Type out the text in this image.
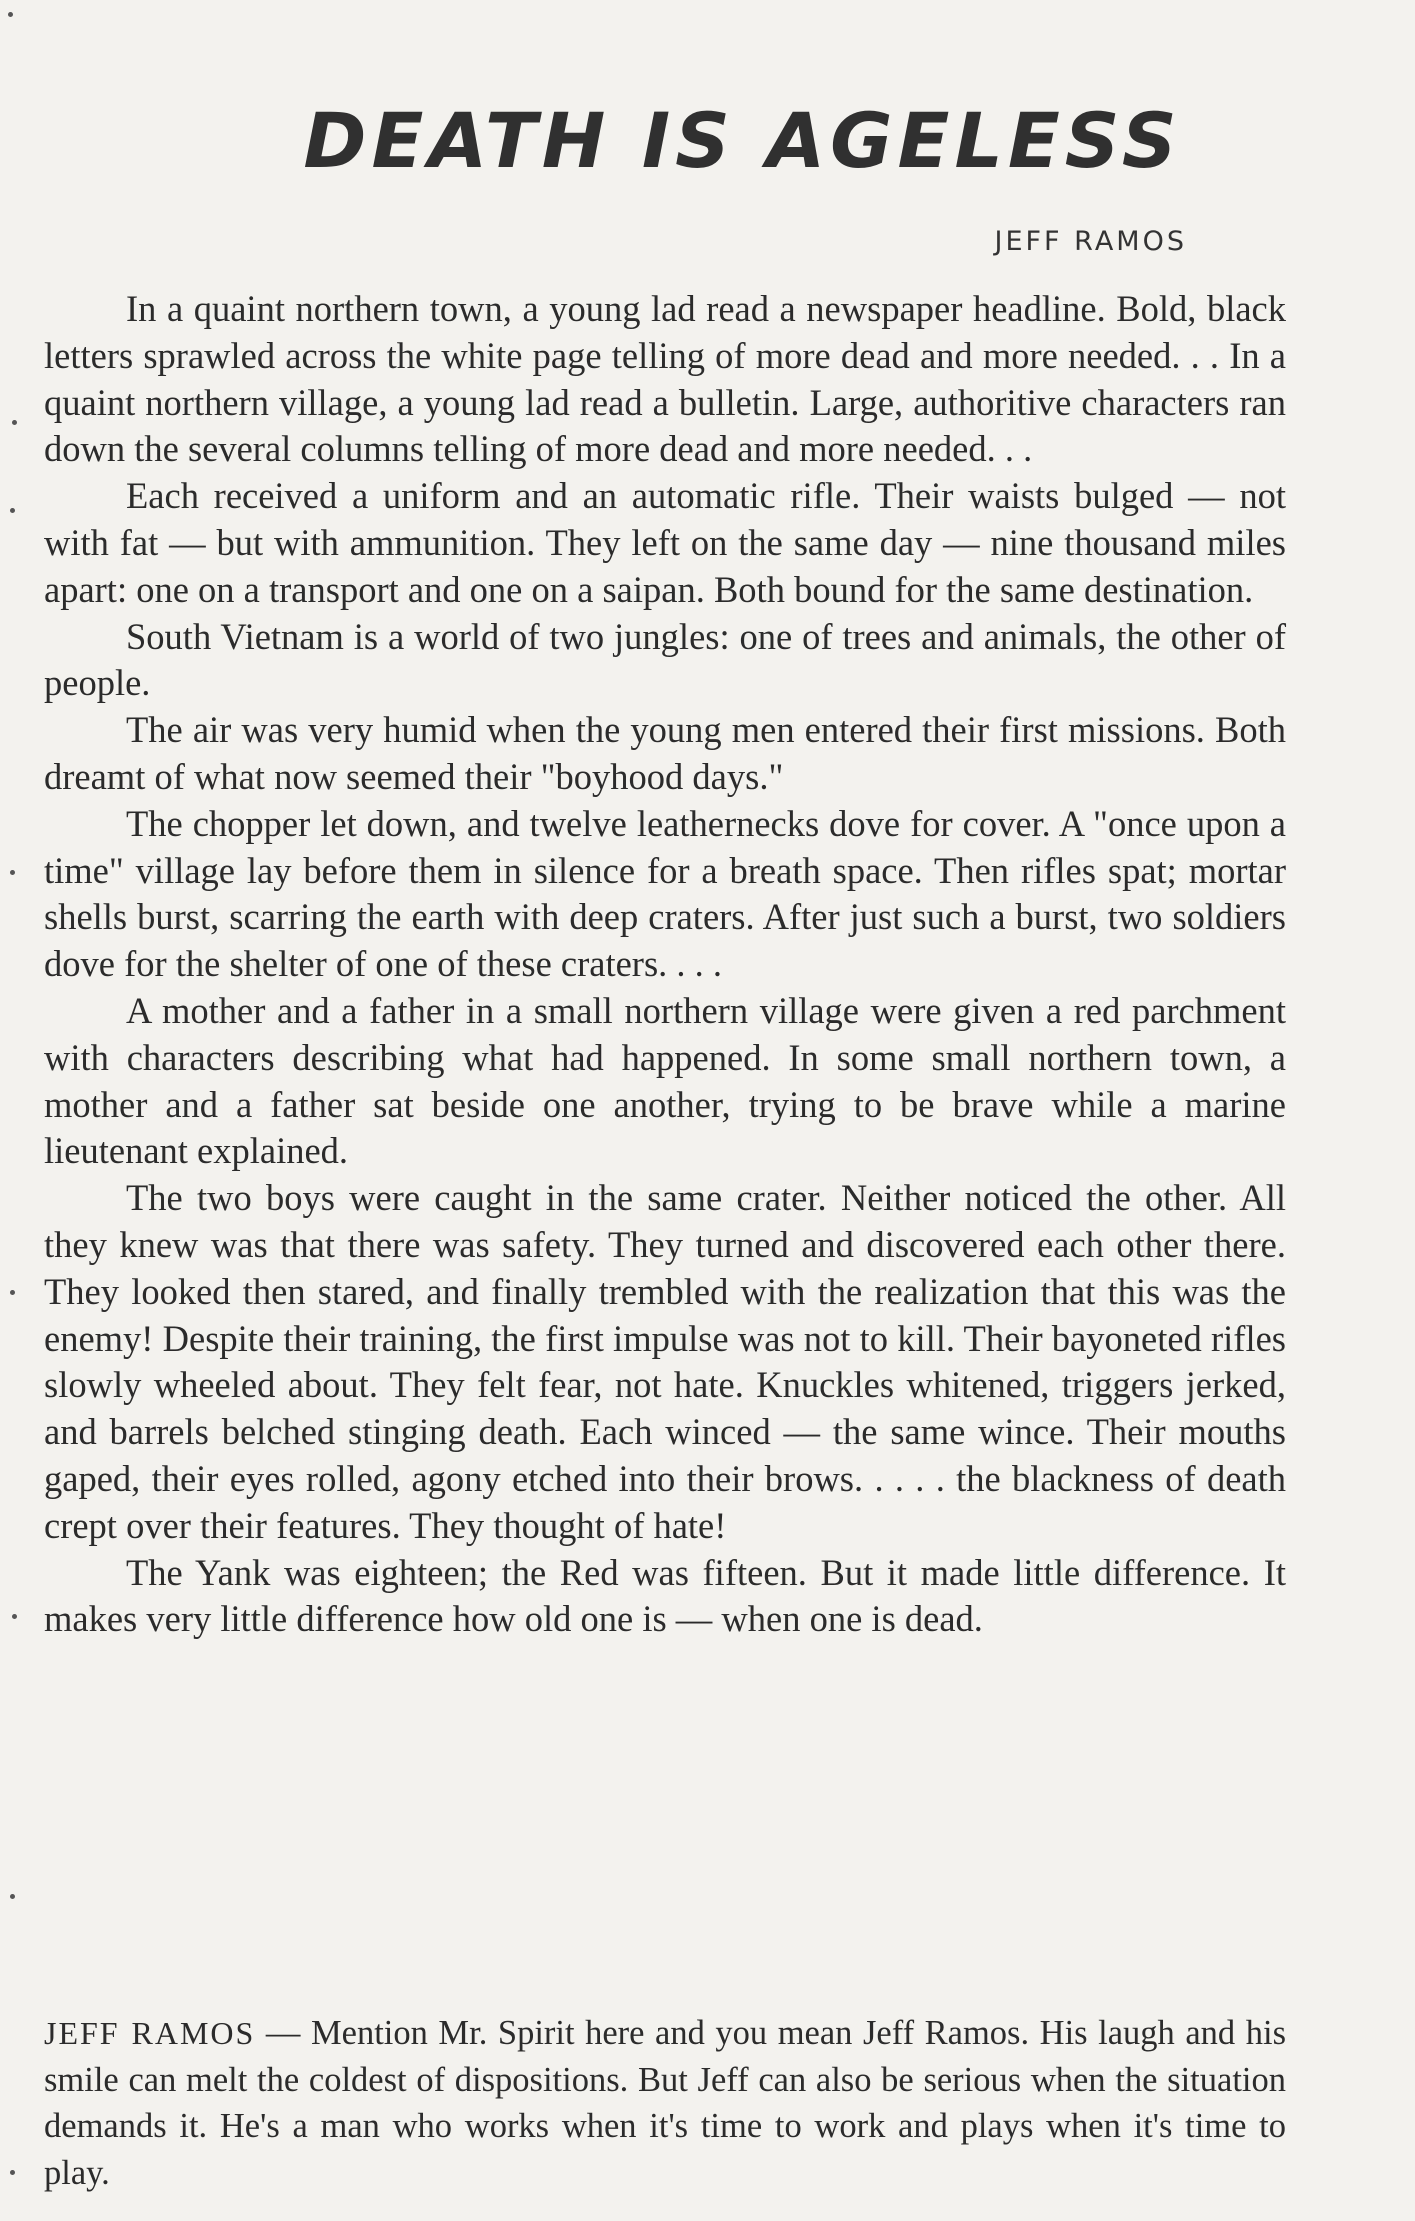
DEATH IS AGELESS
JEFF RAMOS

In a quaint northern town, a young lad read a newspaper headline. Bold, black letters sprawled across the white page telling of more dead and more needed. . . In a quaint northern village, a young lad read a bulletin. Large, authoritive characters ran down the several columns telling of more dead and more needed. . .

Each received a uniform and an automatic rifle. Their waists bulged — not with fat — but with ammunition. They left on the same day — nine thousand miles apart: one on a transport and one on a saipan. Both bound for the same destination.

South Vietnam is a world of two jungles: one of trees and animals, the other of people.

The air was very humid when the young men entered their first missions. Both dreamt of what now seemed their "boyhood days."

The chopper let down, and twelve leathernecks dove for cover. A "once upon a time" village lay before them in silence for a breath space. Then rifles spat; mortar shells burst, scarring the earth with deep craters. After just such a burst, two soldiers dove for the shelter of one of these craters. . . .

A mother and a father in a small northern village were given a red parchment with characters describing what had happened. In some small northern town, a mother and a father sat beside one another, trying to be brave while a marine lieutenant explained.

The two boys were caught in the same crater. Neither noticed the other. All they knew was that there was safety. They turned and discovered each other there. They looked then stared, and finally trembled with the realization that this was the enemy! Despite their training, the first impulse was not to kill. Their bayoneted rifles slowly wheeled about. They felt fear, not hate. Knuckles whitened, triggers jerked, and barrels belched stinging death. Each winced — the same wince. Their mouths gaped, their eyes rolled, agony etched into their brows. . . . . the blackness of death crept over their features. They thought of hate!

The Yank was eighteen; the Red was fifteen. But it made little difference. It makes very little difference how old one is — when one is dead.

JEFF RAMOS — Mention Mr. Spirit here and you mean Jeff Ramos. His laugh and his smile can melt the coldest of dispositions. But Jeff can also be serious when the situation demands it. He's a man who works when it's time to work and plays when it's time to play.
